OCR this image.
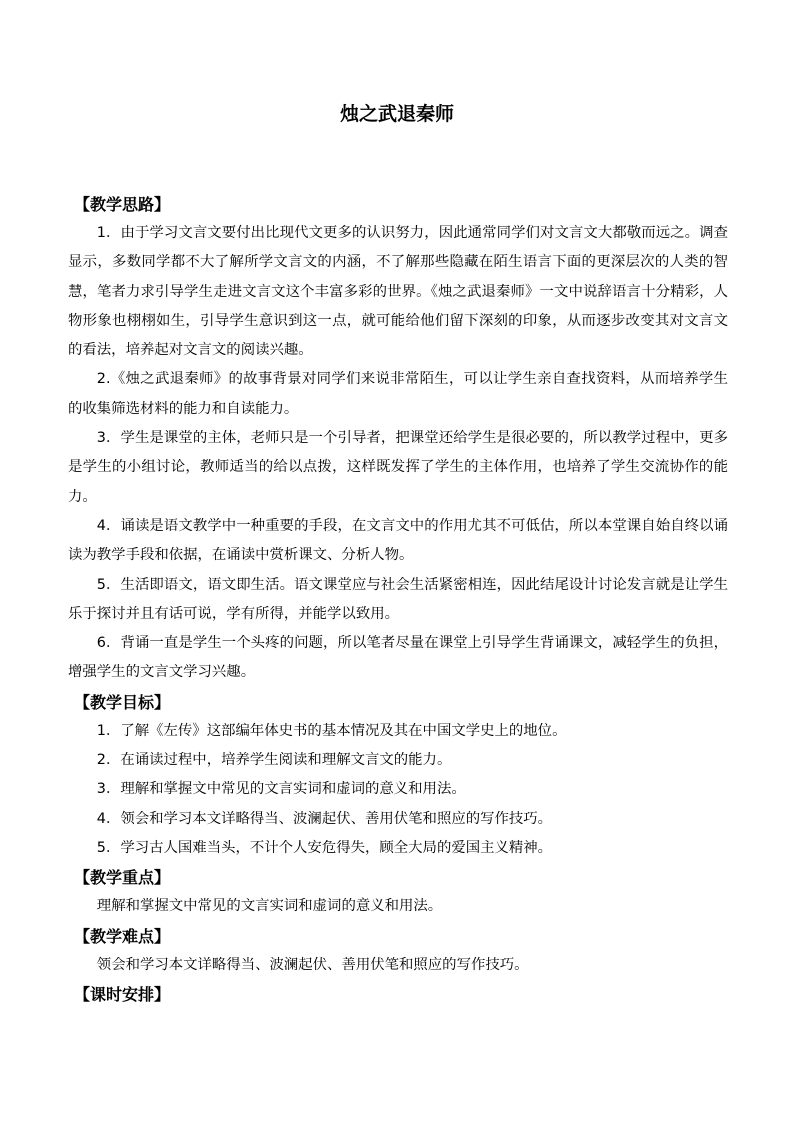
烛之武退秦师
【教学思路】

1．由于学习文言文要付出比现代文更多的认识努力，因此通常同学们对文言文大都敬而远之。调查显示，多数同学都不大了解所学文言文的内涵，不了解那些隐藏在陌生语言下面的更深层次的人类的智慧，笔者力求引导学生走进文言文这个丰富多彩的世界。《烛之武退秦师》一文中说辞语言十分精彩，人物形象也栩栩如生，引导学生意识到这一点，就可能给他们留下深刻的印象，从而逐步改变其对文言文的看法，培养起对文言文的阅读兴趣。

2.《烛之武退秦师》的故事背景对同学们来说非常陌生，可以让学生亲自查找资料，从而培养学生的收集筛选材料的能力和自读能力。

3．学生是课堂的主体，老师只是一个引导者，把课堂还给学生是很必要的，所以教学过程中，更多是学生的小组讨论，教师适当的给以点拨，这样既发挥了学生的主体作用，也培养了学生交流协作的能力。

4．诵读是语文教学中一种重要的手段，在文言文中的作用尤其不可低估，所以本堂课自始自终以诵读为教学手段和依据，在诵读中赏析课文、分析人物。

5．生活即语文，语文即生活。语文课堂应与社会生活紧密相连，因此结尾设计讨论发言就是让学生乐于探讨并且有话可说，学有所得，并能学以致用。

6．背诵一直是学生一个头疼的问题，所以笔者尽量在课堂上引导学生背诵课文，减轻学生的负担，增强学生的文言文学习兴趣。

【教学目标】

1．了解《左传》这部编年体史书的基本情况及其在中国文学史上的地位。

2．在诵读过程中，培养学生阅读和理解文言文的能力。

3．理解和掌握文中常见的文言实词和虚词的意义和用法。

4．领会和学习本文详略得当、波澜起伏、善用伏笔和照应的写作技巧。

5．学习古人国难当头，不计个人安危得失，顾全大局的爱国主义精神。

【教学重点】

理解和掌握文中常见的文言实词和虚词的意义和用法。

【教学难点】

领会和学习本文详略得当、波澜起伏、善用伏笔和照应的写作技巧。

【课时安排】
